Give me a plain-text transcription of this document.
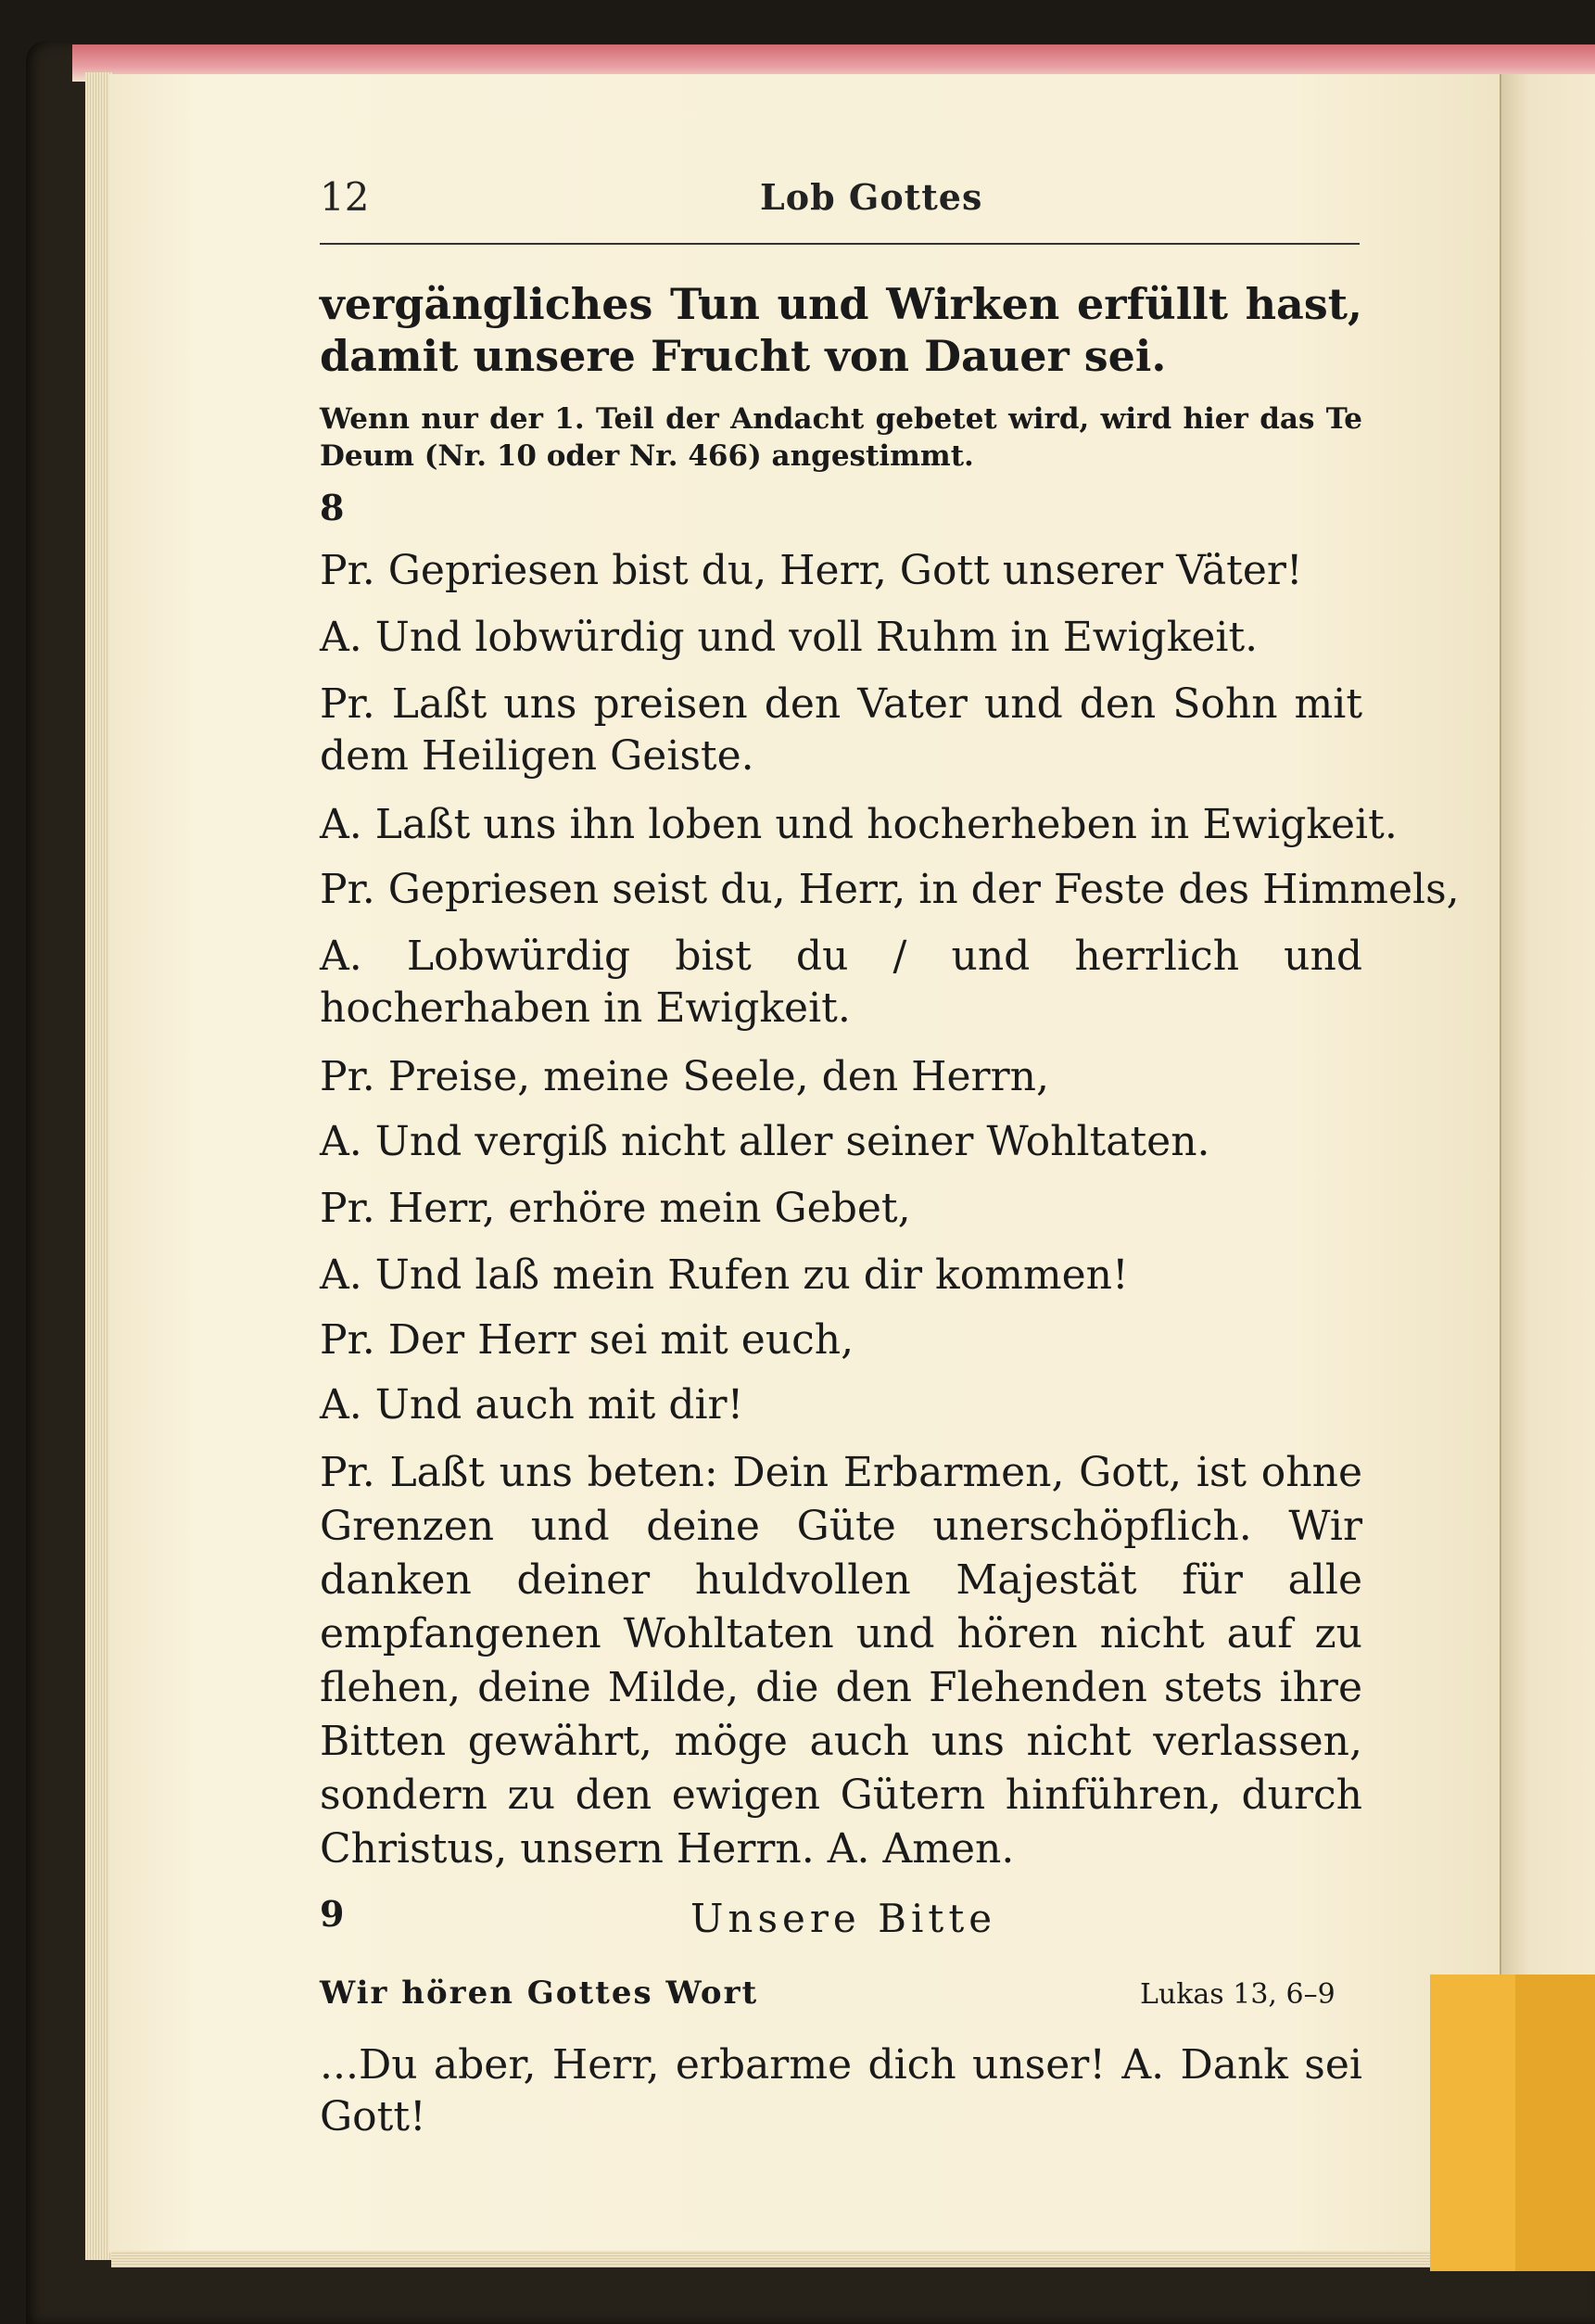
12	Lob Gottes
vergängliches Tun und Wirken erfüllt hast, damit unsere Frucht von Dauer sei.
Wenn nur der 1. Teil der Andacht gebetet wird, wird hier das Te Deum (Nr. 10 oder Nr. 466) angestimmt.
8
Pr. Gepriesen bist du, Herr, Gott unserer Väter!
A. Und lobwürdig und voll Ruhm in Ewigkeit.
Pr. Laßt uns preisen den Vater und den Sohn mit dem Heiligen Geiste.
A. Laßt uns ihn loben und hocherheben in Ewigkeit.
Pr. Gepriesen seist du, Herr, in der Feste des Himmels,
A. Lobwürdig bist du / und herrlich und hocherhaben in Ewigkeit.
Pr. Preise, meine Seele, den Herrn,
A. Und vergiß nicht aller seiner Wohltaten.
Pr. Herr, erhöre mein Gebet,
A. Und laß mein Rufen zu dir kommen!
Pr. Der Herr sei mit euch,
A. Und auch mit dir!
Pr. Laßt uns beten: Dein Erbarmen, Gott, ist ohne Grenzen und deine Güte unerschöpflich. Wir danken deiner huldvollen Majestät für alle empfangenen Wohltaten und hören nicht auf zu flehen, deine Milde, die den Flehenden stets ihre Bitten gewährt, möge auch uns nicht verlassen, sondern zu den ewigen Gütern hinführen, durch Christus, unsern Herrn. A. Amen.
9	Unsere Bitte
Wir hören Gottes Wort	Lukas 13, 6–9
...Du aber, Herr, erbarme dich unser! A. Dank sei Gott!
